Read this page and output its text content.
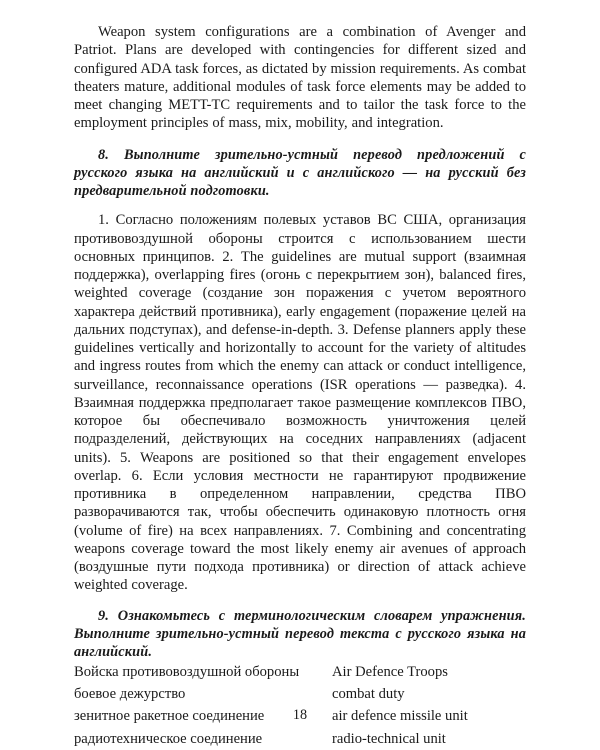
Weapon system configurations are a combination of Avenger and Patriot. Plans are developed with contingencies for different sized and configured ADA task forces, as dictated by mission requirements. As combat theaters mature, additional modules of task force elements may be added to meet changing METT-TC requirements and to tailor the task force to the employment principles of mass, mix, mobility, and integration.

8. Выполните зрительно-устный перевод предложений с русского языка на английский и с английского — на русский без предварительной подготовки.

1. Согласно положениям полевых уставов ВС США, организация противовоздушной обороны строится с использованием шести основных принципов. 2. The guidelines are mutual support (взаимная поддержка), overlapping fires (огонь с перекрытием зон), balanced fires, weighted coverage (создание зон поражения с учетом вероятного характера действий противника), early engagement (поражение целей на дальних подступах), and defense-in-depth. 3. Defense planners apply these guidelines vertically and horizontally to account for the variety of altitudes and ingress routes from which the enemy can attack or conduct intelligence, surveillance, reconnaissance operations (ISR operations — разведка). 4. Взаимная поддержка предполагает такое размещение комплексов ПВО, которое бы обеспечивало возможность уничтожения целей подразделений, действующих на соседних направлениях (adjacent units). 5. Weapons are positioned so that their engagement envelopes overlap. 6. Если условия местности не гарантируют продвижение противника в определенном направлении, средства ПВО разворачиваются так, чтобы обеспечить одинаковую плотность огня (volume of fire) на всех направлениях. 7. Combining and concentrating weapons coverage toward the most likely enemy air avenues of approach (воздушные пути подхода противника) or direction of attack achieve weighted coverage.

9. Ознакомьтесь с терминологическим словарем упражнения. Выполните зрительно-устный перевод текста с русского языка на английский.

Войска противовоздушной обороны	Air Defence Troops
боевое дежурство	combat duty
зенитное ракетное соединение	air defence missile unit
радиотехническое соединение	radio-technical unit
18
